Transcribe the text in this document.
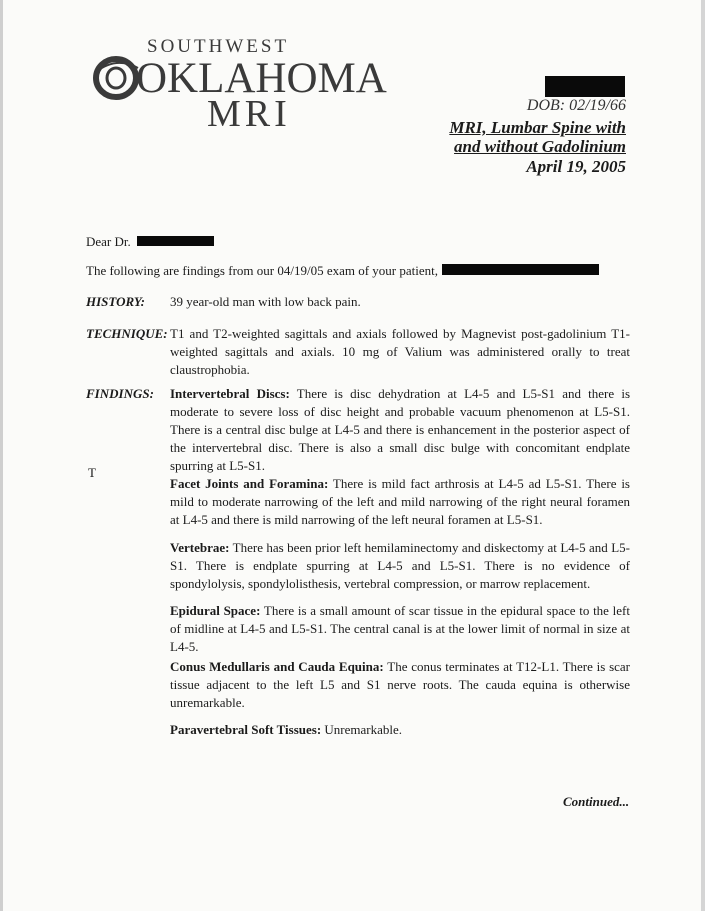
SOUTHWEST
OKLAHOMA
MRI	DOB: 02/19/66
MRI, Lumbar Spine with
and without Gadolinium
April 19, 2005
Dear Dr.
The following are findings from our 04/19/05 exam of your patient,
HISTORY: 39 year-old man with low back pain.
TECHNIQUE: T1 and T2-weighted sagittals and axials followed by Magnevist post-gadolinium T1-weighted sagittals and axials. 10 mg of Valium was administered orally to treat claustrophobia.
FINDINGS: Intervertebral Discs: There is disc dehydration at L4-5 and L5-S1 and there is moderate to severe loss of disc height and probable vacuum phenomenon at L5-S1. There is a central disc bulge at L4-5 and there is enhancement in the posterior aspect of the intervertebral disc. There is also a small disc bulge with concomitant endplate spurring at L5-S1.
T
Facet Joints and Foramina: There is mild fact arthrosis at L4-5 ad L5-S1. There is mild to moderate narrowing of the left and mild narrowing of the right neural foramen at L4-5 and there is mild narrowing of the left neural foramen at L5-S1.
Vertebrae: There has been prior left hemilaminectomy and diskectomy at L4-5 and L5-S1. There is endplate spurring at L4-5 and L5-S1. There is no evidence of spondylolysis, spondylolisthesis, vertebral compression, or marrow replacement.
Epidural Space: There is a small amount of scar tissue in the epidural space to the left of midline at L4-5 and L5-S1. The central canal is at the lower limit of normal in size at L4-5.
Conus Medullaris and Cauda Equina: The conus terminates at T12-L1. There is scar tissue adjacent to the left L5 and S1 nerve roots. The cauda equina is otherwise unremarkable.
Paravertebral Soft Tissues: Unremarkable.
Continued...
